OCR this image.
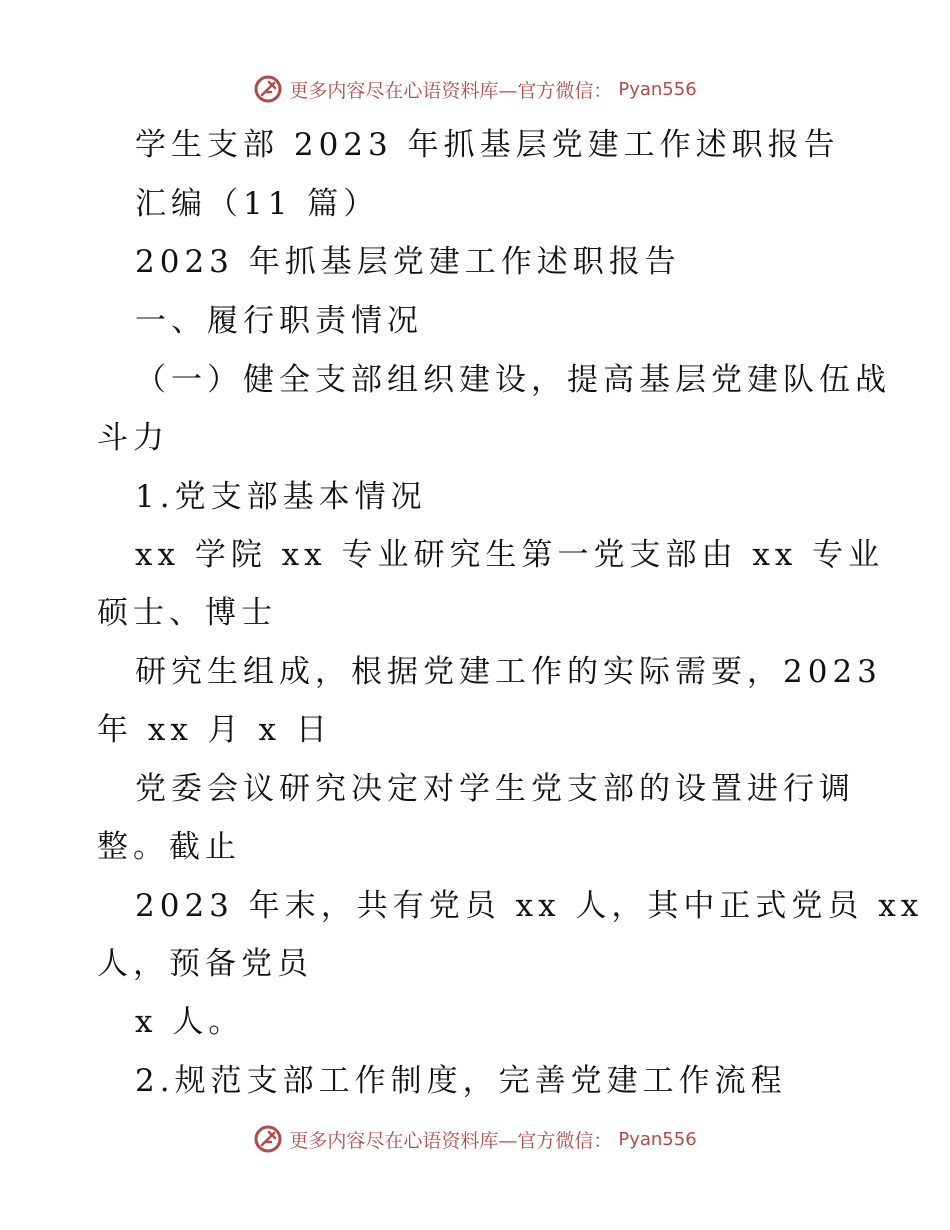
更多内容尽在心语资料库—官方微信： Pyan556
学生支部 2023 年抓基层党建工作述职报告
汇编（11 篇）
2023 年抓基层党建工作述职报告
一、履行职责情况
（一）健全支部组织建设，提高基层党建队伍战
斗力
1.党支部基本情况
xx 学院 xx 专业研究生第一党支部由 xx 专业
硕士、博士
研究生组成，根据党建工作的实际需要，2023
年 xx 月 x 日
党委会议研究决定对学生党支部的设置进行调
整。截止
2023 年末，共有党员 xx 人，其中正式党员 xx
人，预备党员
x 人。
2.规范支部工作制度，完善党建工作流程
更多内容尽在心语资料库—官方微信： Pyan556
